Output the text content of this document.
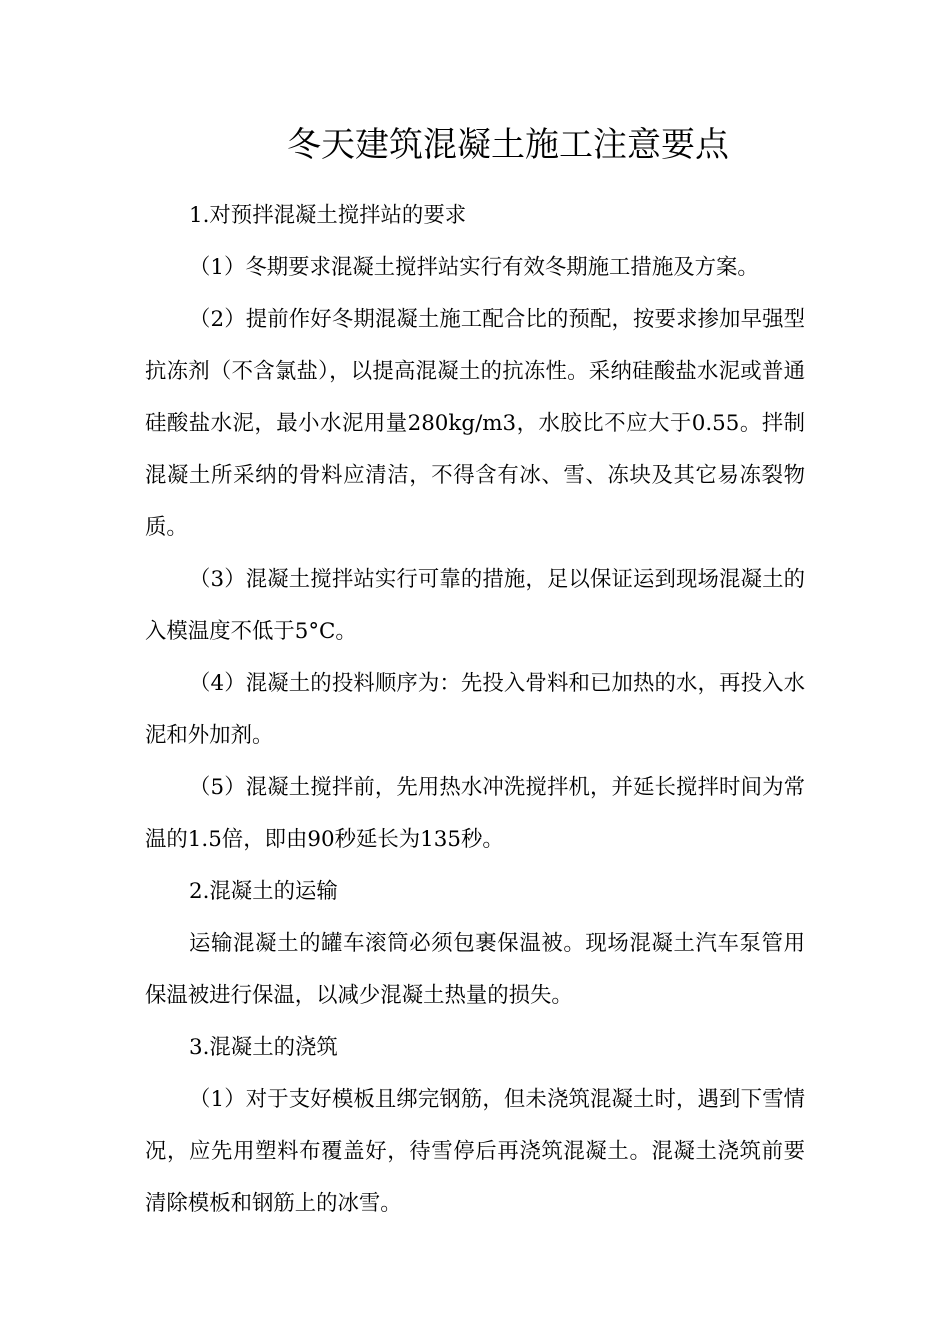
冬天建筑混凝土施工注意要点

1.对预拌混凝土搅拌站的要求

（1）冬期要求混凝土搅拌站实行有效冬期施工措施及方案。

（2）提前作好冬期混凝土施工配合比的预配，按要求掺加早强型抗冻剂（不含氯盐），以提高混凝土的抗冻性。采纳硅酸盐水泥或普通硅酸盐水泥，最小水泥用量280kg/m3，水胶比不应大于0.55。拌制混凝土所采纳的骨料应清洁，不得含有冰、雪、冻块及其它易冻裂物质。

（3）混凝土搅拌站实行可靠的措施，足以保证运到现场混凝土的入模温度不低于5°C。

（4）混凝土的投料顺序为：先投入骨料和已加热的水，再投入水泥和外加剂。

（5）混凝土搅拌前，先用热水冲洗搅拌机，并延长搅拌时间为常温的1.5倍，即由90秒延长为135秒。

2.混凝土的运输

运输混凝土的罐车滚筒必须包裹保温被。现场混凝土汽车泵管用保温被进行保温，以减少混凝土热量的损失。

3.混凝土的浇筑

（1）对于支好模板且绑完钢筋，但未浇筑混凝土时，遇到下雪情况，应先用塑料布覆盖好，待雪停后再浇筑混凝土。混凝土浇筑前要清除模板和钢筋上的冰雪。
